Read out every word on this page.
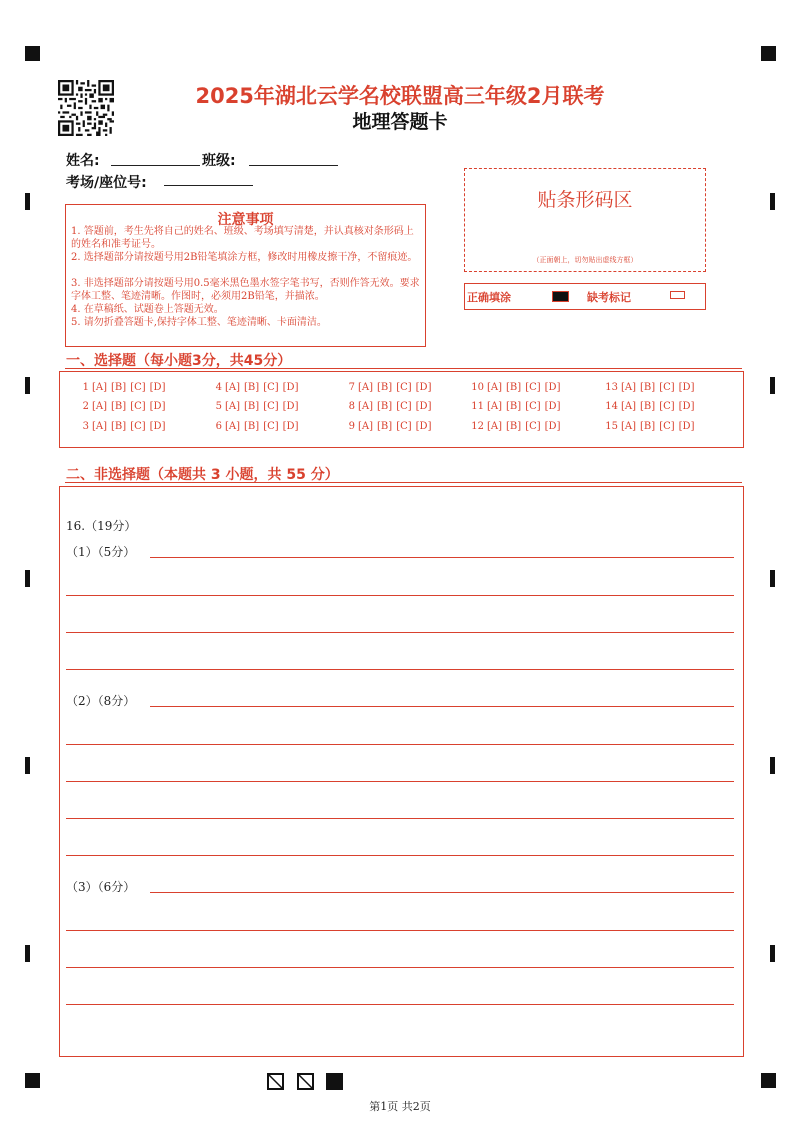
2025年湖北云学名校联盟高三年级2月联考
地理答题卡
姓名:	班级:
考场/座位号:
注意事项
1. 答题前，考生先将自己的姓名、班级、考场填写清楚，并认真核对条形码上的姓名和准考证号。
2. 选择题部分请按题号用2B铅笔填涂方框，修改时用橡皮擦干净，不留痕迹。
3. 非选择题部分请按题号用0.5毫米黑色墨水签字笔书写，否则作答无效。要求字体工整、笔迹清晰。作图时，必须用2B铅笔，并描浓。
4. 在草稿纸、试题卷上答题无效。
5. 请勿折叠答题卡,保持字体工整、笔迹清晰、卡面清洁。
贴条形码区
（正面朝上，切勿贴出虚线方框）
正确填涂	缺考标记
一、选择题（每小题3分，共45分）
1 [A] [B] [C] [D]
2 [A] [B] [C] [D]
3 [A] [B] [C] [D]
4 [A] [B] [C] [D]
5 [A] [B] [C] [D]
6 [A] [B] [C] [D]
7 [A] [B] [C] [D]
8 [A] [B] [C] [D]
9 [A] [B] [C] [D]
10 [A] [B] [C] [D]
11 [A] [B] [C] [D]
12 [A] [B] [C] [D]
13 [A] [B] [C] [D]
14 [A] [B] [C] [D]
15 [A] [B] [C] [D]
二、非选择题（本题共 3 小题，共 55 分）
16.（19分）
（1）（5分）
（2）（8分）
（3）（6分）
第1页 共2页
